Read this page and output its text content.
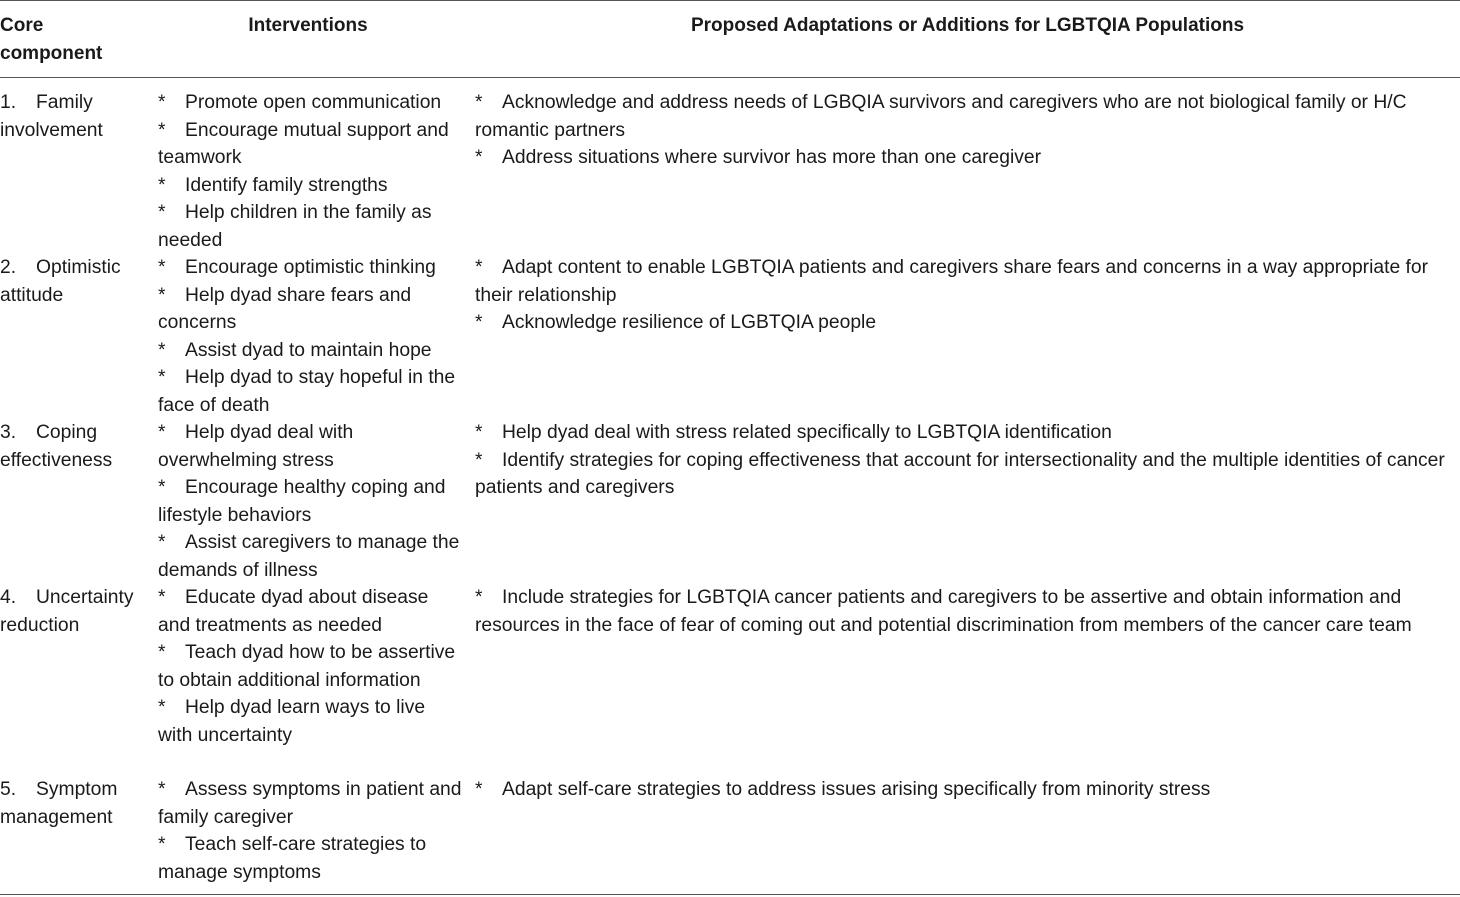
Core component
Interventions	Proposed Adaptations or Additions for LGBTQIA Populations
1. Family involvement

* Promote open communication

* Encourage mutual support and teamwork

* Identify family strengths

* Help children in the family as needed

* Acknowledge and address needs of LGBQIA survivors and caregivers who are not biological family or H/C romantic partners

* Address situations where survivor has more than one caregiver

2. Optimistic attitude

* Encourage optimistic thinking

* Help dyad share fears and concerns

* Assist dyad to maintain hope

* Help dyad to stay hopeful in the face of death

* Adapt content to enable LGBTQIA patients and caregivers share fears and concerns in a way appropriate for their relationship

* Acknowledge resilience of LGBTQIA people

3. Coping effectiveness

* Help dyad deal with overwhelming stress

* Encourage healthy coping and lifestyle behaviors

* Assist caregivers to manage the demands of illness

* Help dyad deal with stress related specifically to LGBTQIA identification

* Identify strategies for coping effectiveness that account for intersectionality and the multiple identities of cancer patients and caregivers

4. Uncertainty reduction

* Educate dyad about disease and treatments as needed

* Teach dyad how to be assertive to obtain additional information

* Help dyad learn ways to live with uncertainty

* Include strategies for LGBTQIA cancer patients and caregivers to be assertive and obtain information and resources in the face of fear of coming out and potential discrimination from members of the cancer care team

5. Symptom management

* Assess symptoms in patient and family caregiver

* Teach self-care strategies to manage symptoms

* Adapt self-care strategies to address issues arising specifically from minority stress
